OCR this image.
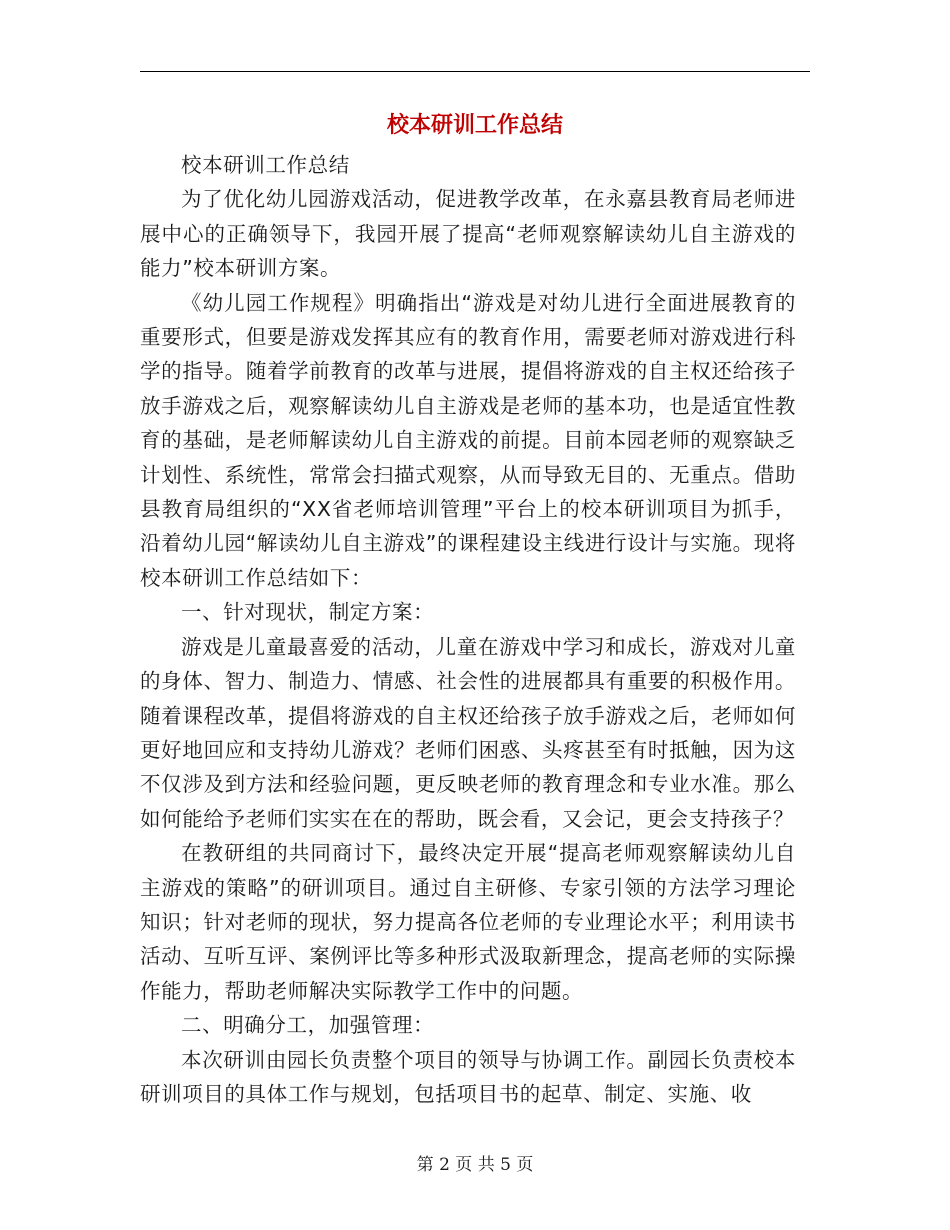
校本研训工作总结

校本研训工作总结

为了优化幼儿园游戏活动，促进教学改革，在永嘉县教育局老师进展中心的正确领导下，我园开展了提高“老师观察解读幼儿自主游戏的能力”校本研训方案。

《幼儿园工作规程》明确指出“游戏是对幼儿进行全面进展教育的重要形式，但要是游戏发挥其应有的教育作用，需要老师对游戏进行科学的指导。随着学前教育的改革与进展，提倡将游戏的自主权还给孩子放手游戏之后，观察解读幼儿自主游戏是老师的基本功，也是适宜性教育的基础，是老师解读幼儿自主游戏的前提。目前本园老师的观察缺乏计划性、系统性，常常会扫描式观察，从而导致无目的、无重点。借助县教育局组织的“XX省老师培训管理”平台上的校本研训项目为抓手，沿着幼儿园“解读幼儿自主游戏”的课程建设主线进行设计与实施。现将校本研训工作总结如下：

一、针对现状，制定方案：

游戏是儿童最喜爱的活动，儿童在游戏中学习和成长，游戏对儿童的身体、智力、制造力、情感、社会性的进展都具有重要的积极作用。随着课程改革，提倡将游戏的自主权还给孩子放手游戏之后，老师如何更好地回应和支持幼儿游戏？老师们困惑、头疼甚至有时抵触，因为这不仅涉及到方法和经验问题，更反映老师的教育理念和专业水准。那么如何能给予老师们实实在在的帮助，既会看，又会记，更会支持孩子？

在教研组的共同商讨下，最终决定开展“提高老师观察解读幼儿自主游戏的策略”的研训项目。通过自主研修、专家引领的方法学习理论知识；针对老师的现状，努力提高各位老师的专业理论水平；利用读书活动、互听互评、案例评比等多种形式汲取新理念，提高老师的实际操作能力，帮助老师解决实际教学工作中的问题。

二、明确分工，加强管理：

本次研训由园长负责整个项目的领导与协调工作。副园长负责校本研训项目的具体工作与规划，包括项目书的起草、制定、实施、收

第 2 页 共 5 页
